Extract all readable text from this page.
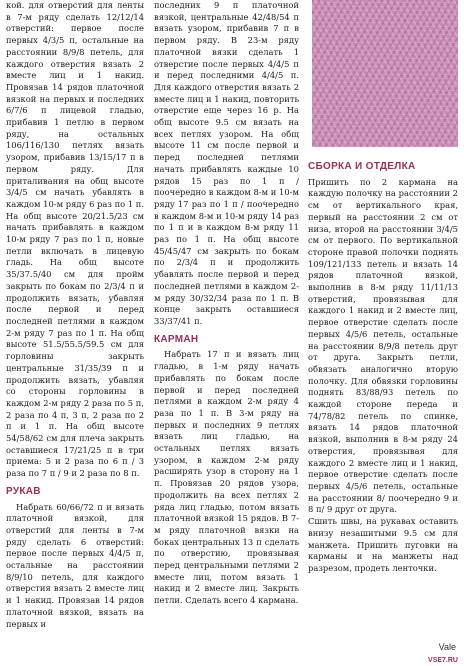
кой. для отверстий для ленты в 7-м ряду сделать 12/12/14 отверстий: первое после первых 4/3/5 п, остальные на расстоянии 8/9/8 петель, для каждого отверстия вязать 2 вместе лиц и 1 накид. Провязав 14 рядов платочной вязкой на первых и последних 6/7/6 п лицевой гладью, прибавив 1 петлю в первом ряду, на остальных 106/116/130 петлях вязать узором, прибавив 13/15/17 п в первом ряду. Для приталивания на общ высоте 3/4/5 см начать убавлять в каждом 10-м ряду 6 раз по 1 п. На общ высоте 20/21.5/23 см начать прибавлять в каждом 10-м ряду 7 раз по 1 п, новые петли включать в лицевую гладь. На общ высоте 35/37.5/40 см для пройм закрыть по бокам по 2/3/4 п и продолжить вязать, убавляя после первой и перед последней петлями в каждом 2-м ряду 7 раз по 1 п. На общ высоте 51.5/55.5/59.5 см для горловины закрыть центральные 31/35/39 п и продолжить вязать, убавляя со стороны горловины в каждом 2-м ряду 2 раза по 5 п, 2 раза по 4 п, 3 п, 2 раза по 2 п и 1 п. На общ высоте 54/58/62 см для плеча закрыть оставшиеся 17/21/25 п в три приема: 5 и 2 раза по 6 п / 3 раза по 7 п / 9 и 2 раза по 8 п.

РУКАВ

Набрать 60/66/72 п и вязать платочной вязкой, для отверстий для ленты в 7-м ряду сделать 6 отверстий: первое после первых 4/4/5 п, остальные на расстоянии 8/9/10 петель, для каждого отверстия вязать 2 вместе лиц и 1 накид. Провязав 14 рядов платочной вязкой, вязать на первых и

последних 9 п платочной вязкой, центральные 42/48/54 п вязать узором, прибавив 7 п в первом ряду. В 23-м ряду платочной вязки сделать 1 отверстие после первых 4/4/5 п и перед последними 4/4/5 п. Для каждого отверстия вязать 2 вместе лиц и 1 накид, повторить отверстие еще через 16 р. На общ высоте 9.5 см вязать на всех петлях узором. На общ высоте 11 см после первой и перед последней петлями начать прибавлять каждые 10 рядов 15 раз по 1 п / поочередно в каждом 8-м и 10-м ряду 17 раз по 1 п / поочередно в каждом 8-м и 10-м ряду 14 раз по 1 п и в каждом 8-м ряду 11 раз по 1 п. На общ высоте 45/45/47 см закрыть по бокам по 2/3/4 п и продолжить убавлять после первой и перед последней петлями в каждом 2-м ряду 30/32/34 раза по 1 п. В конце закрыть оставшиеся 33/37/41 п.

КАРМАН

Набрать 17 п и вязать лиц гладью, в 1-м ряду начать прибавлять по бокам после первой и перед последней петлями в каждом 2-м ряду 4 раза по 1 п. В 3-м ряду на первых и последних 9 петлях вязать лиц гладью, на остальных петлях вязать узором, в каждом 2-м ряду расширять узор в сторону на 1 п. Провязав 20 рядов узора, продолжить на всех петлях 2 ряда лиц гладью, потом вязать платочной вязкой 15 рядов. В 7-м ряду платочной вязки на боках центральных 13 п сделать по отверстию, провязывая перед центральными петлями 2 вместе лиц, потом вязать 1 накид и 2 вместе лиц. Закрыть петли. Сделать всего 4 кармана.

СБОРКА И ОТДЕЛКА

Пришить по 2 кармана на каждую полочку на расстоянии 2 см от вертикального края, первый на расстоянии 2 см от низа, второй на расстоянии 3/4/5 см от первого. По вертикальной стороне правой полочки поднять 109/121/133 петель и вязать 14 рядов платочной вязкой, выполнив в 8-м ряду 11/11/13 отверстий, провязывая для каждого 1 накид и 2 вместе лиц, первое отверстие сделать после первых 4/5/6 петель, остальные на расстоянии 8/9/8 петель друг от друга. Закрыть петли, обвязать аналогично вторую полочку. Для обвязки горловины поднять 83/88/93 петель по каждой стороне переда и 74/78/82 петель по спинке, вязать 14 рядов платочной вязкой, выполнив в 8-м ряду 24 отверстия, провязывая для каждого 2 вместе лиц и 1 накид, первое отверстие сделать после первых 4/5/6 петель, остальные на расстоянии 8/ поочередно 9 и 8 п/ 9 друг от друга.

Сшить швы, на рукавах оставить внизу незашитыми 9.5 см для манжета. Пришить пуговки на карманы и на манжеты над разрезом, продеть ленточки.

Vale
VSE7.RU
